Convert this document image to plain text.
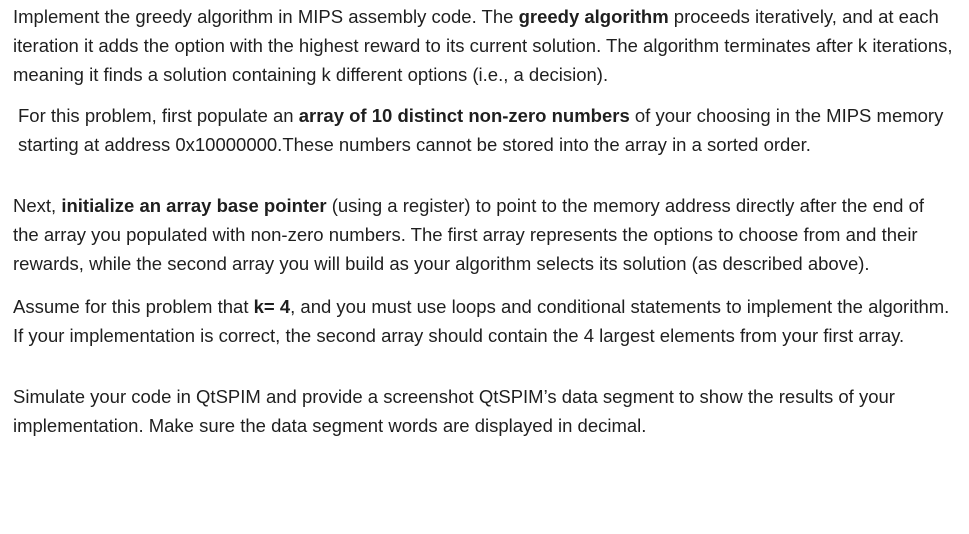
Implement the greedy algorithm in MIPS assembly code. The greedy algorithm proceeds iteratively, and at each iteration it adds the option with the highest reward to its current solution. The algorithm terminates after k iterations, meaning it finds a solution containing k different options (i.e., a decision).

For this problem, first populate an array of 10 distinct non-zero numbers of your choosing in the MIPS memory starting at address 0x10000000.These numbers cannot be stored into the array in a sorted order.

Next, initialize an array base pointer (using a register) to point to the memory address directly after the end of the array you populated with non-zero numbers. The first array represents the options to choose from and their rewards, while the second array you will build as your algorithm selects its solution (as described above).

Assume for this problem that k= 4, and you must use loops and conditional statements to implement the algorithm. If your implementation is correct, the second array should contain the 4 largest elements from your first array.

Simulate your code in QtSPIM and provide a screenshot QtSPIM’s data segment to show the results of your implementation. Make sure the data segment words are displayed in decimal.
